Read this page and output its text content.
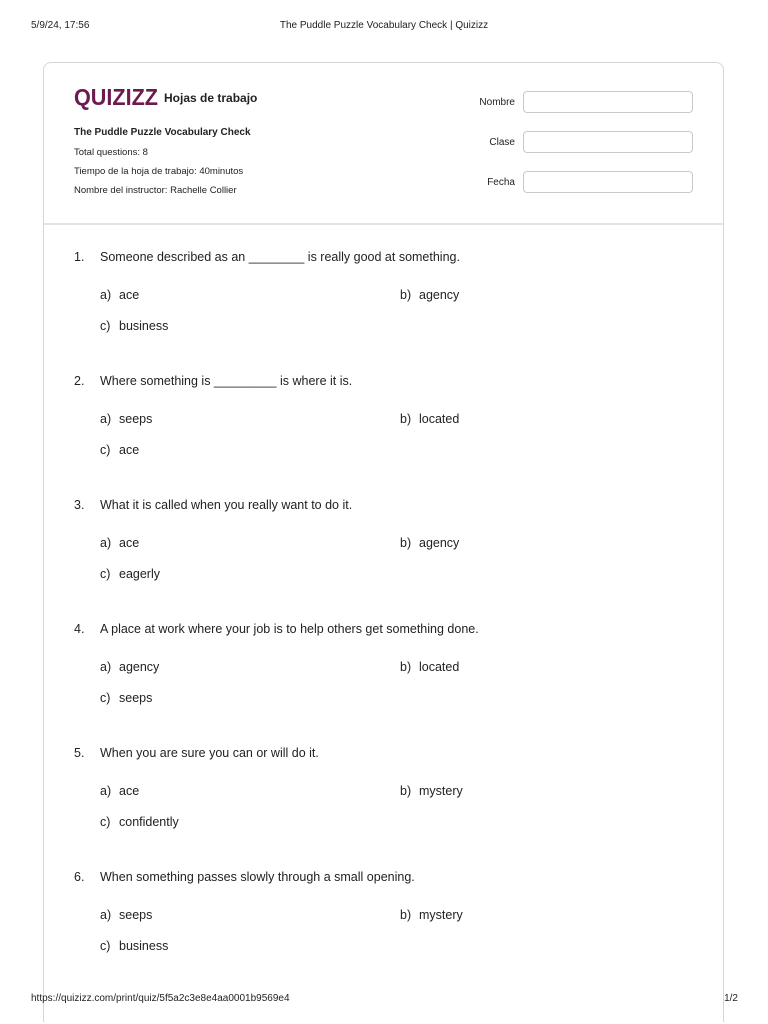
5/9/24, 17:56	The Puddle Puzzle Vocabulary Check | Quizizz
QUIZIZZ Hojas de trabajo
The Puddle Puzzle Vocabulary Check
Total questions: 8
Tiempo de la hoja de trabajo: 40minutos
Nombre del instructor: Rachelle Collier
Nombre
Clase
Fecha
1. Someone described as an ________ is really good at something.
a) ace	b) agency
c) business
2. Where something is _________ is where it is.
a) seeps	b) located
c) ace
3. What it is called when you really want to do it.
a) ace	b) agency
c) eagerly
4. A place at work where your job is to help others get something done.
a) agency	b) located
c) seeps
5. When you are sure you can or will do it.
a) ace	b) mystery
c) confidently
6. When something passes slowly through a small opening.
a) seeps	b) mystery
c) business
https://quizizz.com/print/quiz/5f5a2c3e8e4aa0001b9569e4	1/2
